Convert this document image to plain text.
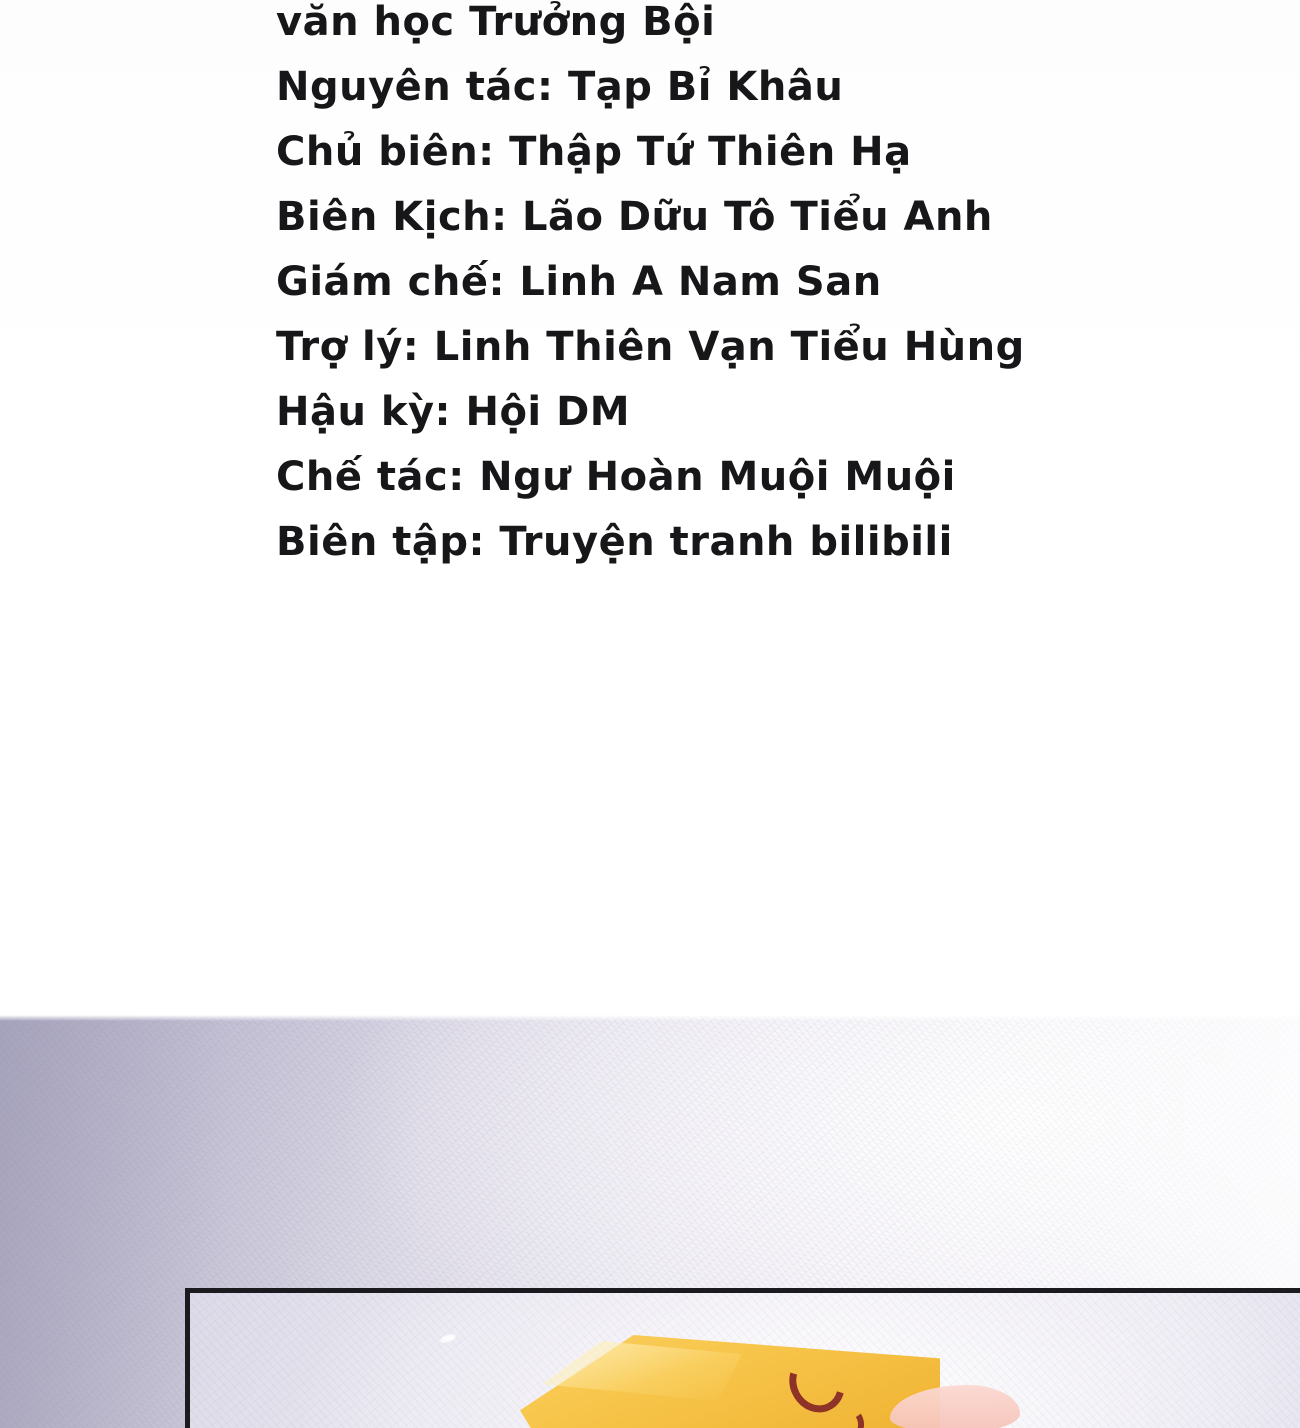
văn học Trưởng Bội
Nguyên tác: Tạp Bỉ Khâu
Chủ biên: Thập Tứ Thiên Hạ
Biên Kịch: Lão Dữu Tô Tiểu Anh
Giám chế: Linh A Nam San
Trợ lý: Linh Thiên Vạn Tiểu Hùng
Hậu kỳ: Hội DM
Chế tác: Ngư Hoàn Muội Muội
Biên tập: Truyện tranh bilibili
